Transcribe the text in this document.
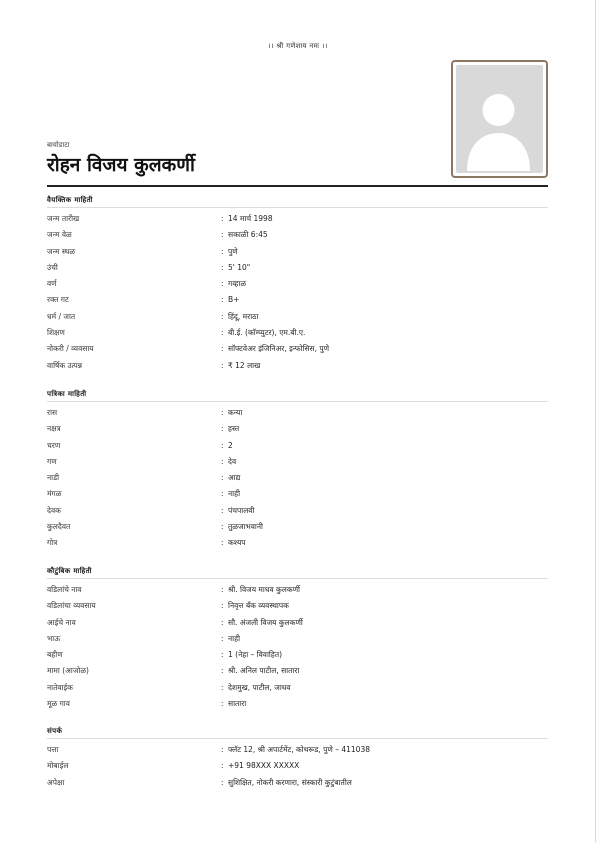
।। श्री गणेशाय नमः ।।
बायोडाटा
रोहन विजय कुलकर्णी
वैयक्तिक माहिती
जन्म तारीख	: 14 मार्च 1998
जन्म वेळ	: सकाळी 6:45
जन्म स्थळ	: पुणे
उंची	: 5' 10"
वर्ण	: गव्हाळ
रक्त गट	: B+
धर्म / जात	: हिंदू, मराठा
शिक्षण	: बी.ई. (कॉम्प्युटर), एम.बी.ए.
नोकरी / व्यवसाय	: सॉफ्टवेअर इंजिनिअर, इन्फोसिस, पुणे
वार्षिक उत्पन्न	: ₹ 12 लाख
पत्रिका माहिती
रास	: कन्या
नक्षत्र	: हस्त
चरण	: 2
गण	: देव
नाडी	: आद्य
मंगळ	: नाही
देवक	: पंचपालवी
कुलदैवत	: तुळजाभवानी
गोत्र	: कश्यप
कौटुंबिक माहिती
वडिलांचे नाव	: श्री. विजय माधव कुलकर्णी
वडिलांचा व्यवसाय	: निवृत्त बँक व्यवस्थापक
आईचे नाव	: सौ. अंजली विजय कुलकर्णी
भाऊ	: नाही
बहीण	: 1 (नेहा – विवाहित)
मामा (आजोळ)	: श्री. अनिल पाटील, सातारा
नातेवाईक	: देशमुख, पाटील, जाधव
मूळ गाव	: सातारा
संपर्क
पत्ता	: फ्लॅट 12, श्री अपार्टमेंट, कोथरूड, पुणे – 411038
मोबाईल	: +91 98XXX XXXXX
अपेक्षा	: सुशिक्षित, नोकरी करणारा, संस्कारी कुटुंबातील
